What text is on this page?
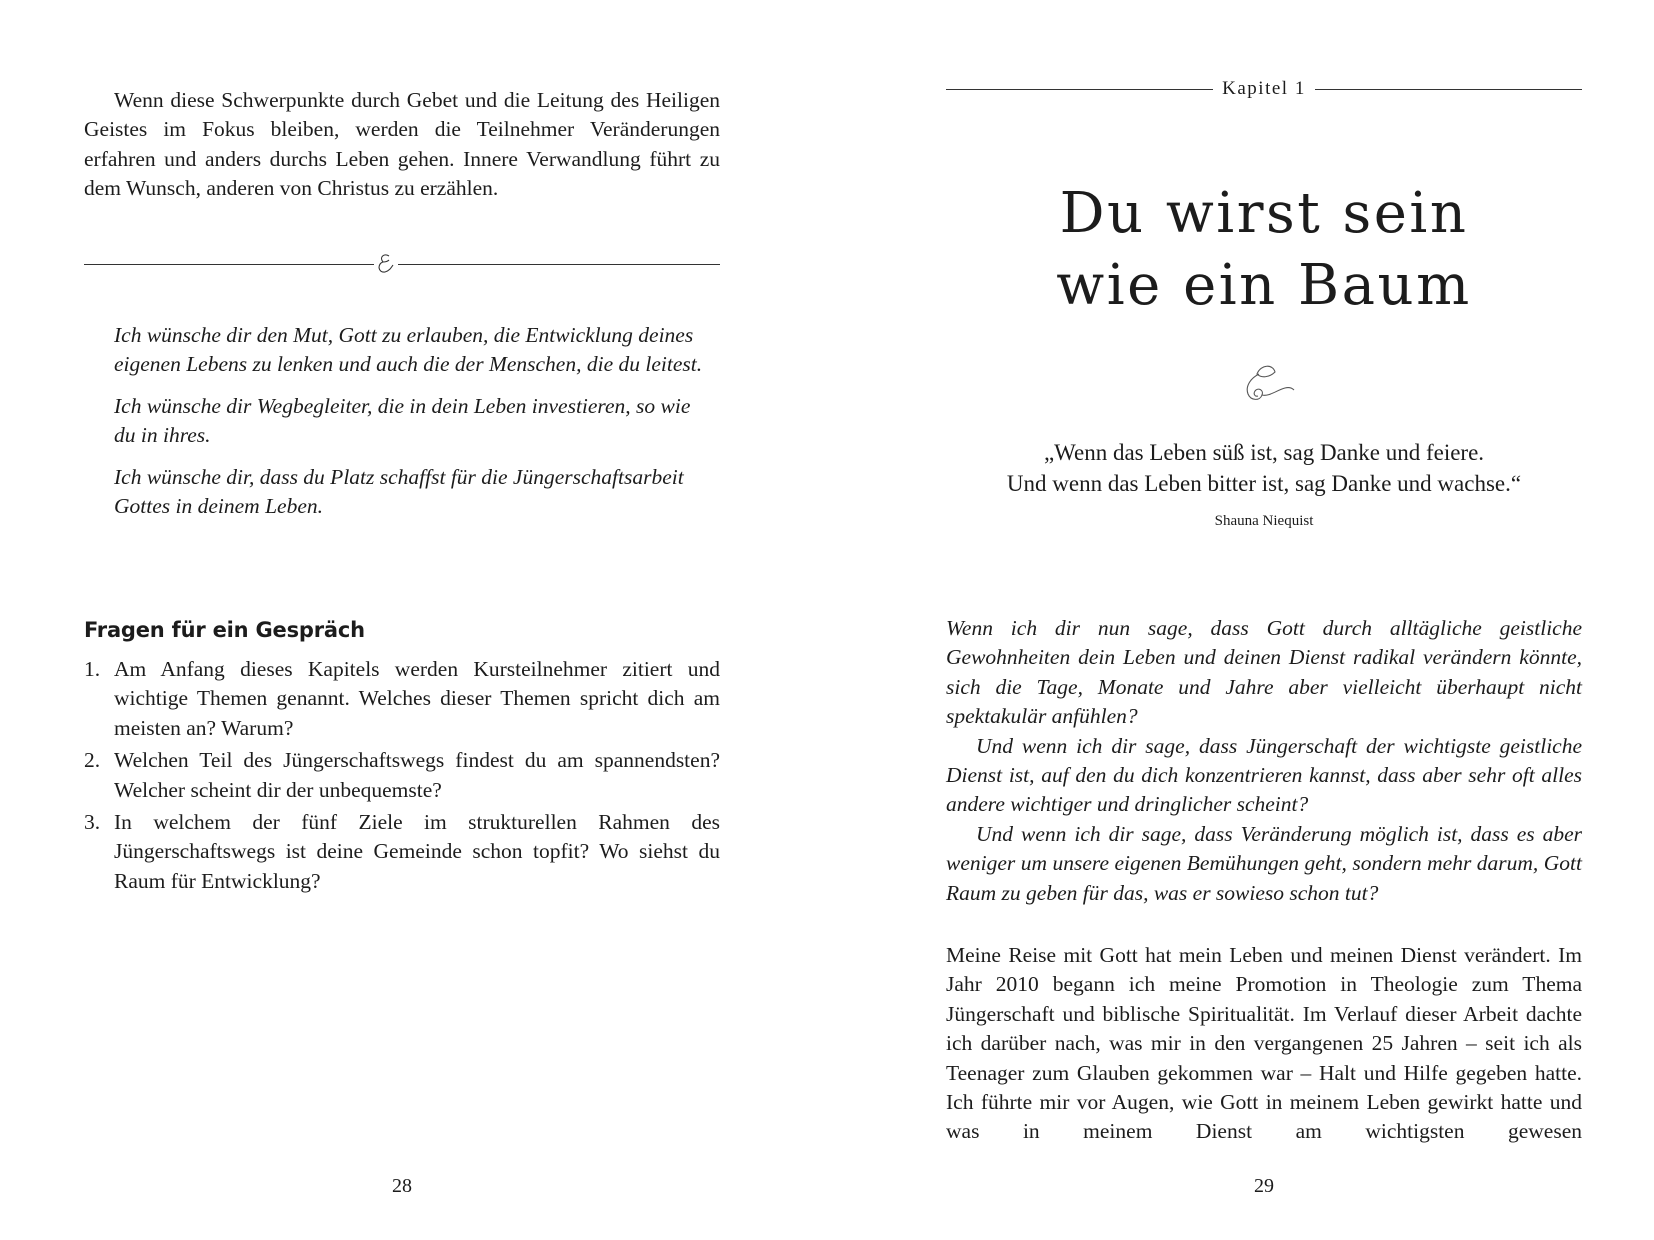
Wenn diese Schwerpunkte durch Gebet und die Leitung des Heiligen Geistes im Fokus bleiben, werden die Teilnehmer Veränderungen erfahren und anders durchs Leben gehen. Innere Verwandlung führt zu dem Wunsch, anderen von Christus zu erzählen.

Ich wünsche dir den Mut, Gott zu erlauben, die Entwicklung deines eigenen Lebens zu lenken und auch die der Menschen, die du leitest.

Ich wünsche dir Wegbegleiter, die in dein Leben investieren, so wie du in ihres.

Ich wünsche dir, dass du Platz schaffst für die Jüngerschaftsarbeit Gottes in deinem Leben.

Fragen für ein Gespräch
1. Am Anfang dieses Kapitels werden Kursteilnehmer zitiert und wichtige Themen genannt. Welches dieser Themen spricht dich am meisten an? Warum?
2. Welchen Teil des Jüngerschaftswegs findest du am spannendsten? Welcher scheint dir der unbequemste?
3. In welchem der fünf Ziele im strukturellen Rahmen des Jüngerschaftswegs ist deine Gemeinde schon topfit? Wo siehst du Raum für Entwicklung?
28
Kapitel 1
Du wirst sein
wie ein Baum
„Wenn das Leben süß ist, sag Danke und feiere.
Und wenn das Leben bitter ist, sag Danke und wachse.“
Shauna Niequist

Wenn ich dir nun sage, dass Gott durch alltägliche geistliche Gewohnheiten dein Leben und deinen Dienst radikal verändern könnte, sich die Tage, Monate und Jahre aber vielleicht überhaupt nicht spektakulär anfühlen?

Und wenn ich dir sage, dass Jüngerschaft der wichtigste geistliche Dienst ist, auf den du dich konzentrieren kannst, dass aber sehr oft alles andere wichtiger und dringlicher scheint?

Und wenn ich dir sage, dass Veränderung möglich ist, dass es aber weniger um unsere eigenen Bemühungen geht, sondern mehr darum, Gott Raum zu geben für das, was er sowieso schon tut?

Meine Reise mit Gott hat mein Leben und meinen Dienst verändert. Im Jahr 2010 begann ich meine Promotion in Theologie zum Thema Jüngerschaft und biblische Spiritualität. Im Verlauf dieser Arbeit dachte ich darüber nach, was mir in den vergangenen 25 Jahren – seit ich als Teenager zum Glauben gekommen war – Halt und Hilfe gegeben hatte. Ich führte mir vor Augen, wie Gott in meinem Leben gewirkt hatte und was in meinem Dienst am wichtigsten gewesen

29
